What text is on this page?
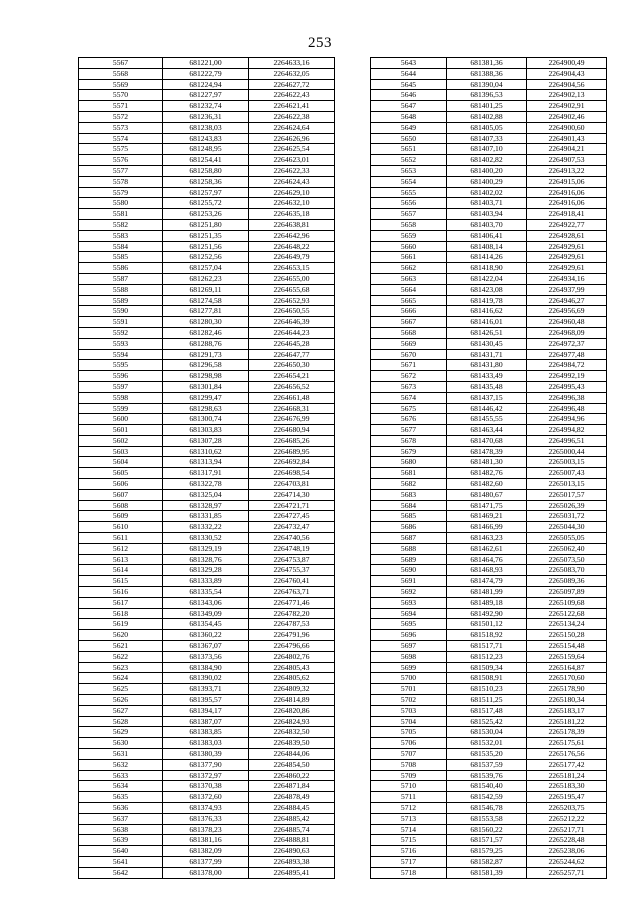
253
5567	681221,00	2264633,16
5568	681222,79	2264632,05
5569	681224,94	2264627,72
5570	681227,97	2264622,43
5571	681232,74	2264621,41
5572	681236,31	2264622,38
5573	681238,03	2264624,64
5574	681243,83	2264626,96
5575	681248,95	2264625,54
5576	681254,41	2264623,01
5577	681258,80	2264622,33
5578	681258,36	2264624,43
5579	681257,97	2264629,10
5580	681255,72	2264632,10
5581	681253,26	2264635,18
5582	681251,80	2264638,81
5583	681251,35	2264642,96
5584	681251,56	2264648,22
5585	681252,56	2264649,79
5586	681257,04	2264653,15
5587	681262,23	2264655,00
5588	681269,11	2264655,68
5589	681274,58	2264652,93
5590	681277,81	2264650,55
5591	681280,30	2264646,39
5592	681282,46	2264644,23
5593	681288,76	2264645,28
5594	681291,73	2264647,77
5595	681296,58	2264650,30
5596	681298,98	2264654,21
5597	681301,84	2264656,52
5598	681299,47	2264661,48
5599	681298,63	2264668,31
5600	681300,74	2264676,99
5601	681303,83	2264680,94
5602	681307,28	2264685,26
5603	681310,62	2264689,95
5604	681313,94	2264692,84
5605	681317,91	2264698,54
5606	681322,78	2264703,81
5607	681325,04	2264714,30
5608	681328,97	2264721,71
5609	681331,85	2264727,45
5610	681332,22	2264732,47
5611	681330,52	2264740,56
5612	681329,19	2264748,19
5613	681328,76	2264753,87
5614	681329,28	2264755,37
5615	681333,89	2264760,41
5616	681335,54	2264763,71
5617	681343,06	2264771,46
5618	681349,09	2264782,20
5619	681354,45	2264787,53
5620	681360,22	2264791,96
5621	681367,07	2264796,66
5622	681373,56	2264802,76
5623	681384,90	2264805,43
5624	681390,02	2264805,62
5625	681393,71	2264809,32
5626	681395,57	2264814,89
5627	681394,17	2264820,86
5628	681387,07	2264824,93
5629	681383,85	2264832,50
5630	681383,03	2264839,50
5631	681380,39	2264844,06
5632	681377,90	2264854,50
5633	681372,97	2264860,22
5634	681370,38	2264871,84
5635	681372,60	2264878,49
5636	681374,93	2264884,45
5637	681376,33	2264885,42
5638	681378,23	2264885,74
5639	681381,16	2264888,81
5640	681382,09	2264890,63
5641	681377,99	2264893,38
5642	681378,00	2264895,41
5643	681381,36	2264900,49
5644	681388,36	2264904,43
5645	681390,04	2264904,56
5646	681396,53	2264902,13
5647	681401,25	2264902,91
5648	681402,88	2264902,46
5649	681405,05	2264900,60
5650	681407,33	2264901,43
5651	681407,10	2264904,21
5652	681402,82	2264907,53
5653	681400,20	2264913,22
5654	681400,29	2264915,06
5655	681402,02	2264916,06
5656	681403,71	2264916,06
5657	681403,94	2264918,41
5658	681403,70	2264922,77
5659	681406,41	2264928,61
5660	681408,14	2264929,61
5661	681414,26	2264929,61
5662	681418,90	2264929,61
5663	681422,04	2264934,16
5664	681423,08	2264937,99
5665	681419,78	2264946,27
5666	681416,62	2264956,69
5667	681416,01	2264960,48
5668	681426,51	2264968,09
5669	681430,45	2264972,37
5670	681431,71	2264977,48
5671	681431,80	2264984,72
5672	681433,49	2264992,19
5673	681435,48	2264995,43
5674	681437,15	2264996,38
5675	681446,42	2264996,48
5676	681455,55	2264994,96
5677	681463,44	2264994,82
5678	681470,68	2264996,51
5679	681478,39	2265000,44
5680	681481,30	2265003,15
5681	681482,76	2265007,43
5682	681482,60	2265013,15
5683	681480,67	2265017,57
5684	681471,75	2265026,39
5685	681469,21	2265031,72
5686	681466,99	2265044,30
5687	681463,23	2265055,05
5688	681462,61	2265062,40
5689	681464,76	2265073,50
5690	681468,93	2265083,70
5691	681474,79	2265089,36
5692	681481,99	2265097,89
5693	681489,18	2265109,68
5694	681492,90	2265122,68
5695	681501,12	2265134,24
5696	681518,92	2265150,28
5697	681517,71	2265154,48
5698	681512,23	2265159,64
5699	681509,34	2265164,87
5700	681508,91	2265170,60
5701	681510,23	2265178,90
5702	681511,25	2265180,34
5703	681517,48	2265183,17
5704	681525,42	2265181,22
5705	681530,04	2265178,39
5706	681532,01	2265175,61
5707	681535,20	2265176,56
5708	681537,59	2265177,42
5709	681539,76	2265181,24
5710	681540,40	2265183,30
5711	681542,59	2265195,47
5712	681546,78	2265203,75
5713	681553,58	2265212,22
5714	681560,22	2265217,71
5715	681571,57	2265228,48
5716	681579,25	2265238,06
5717	681582,87	2265244,62
5718	681581,39	2265257,71
